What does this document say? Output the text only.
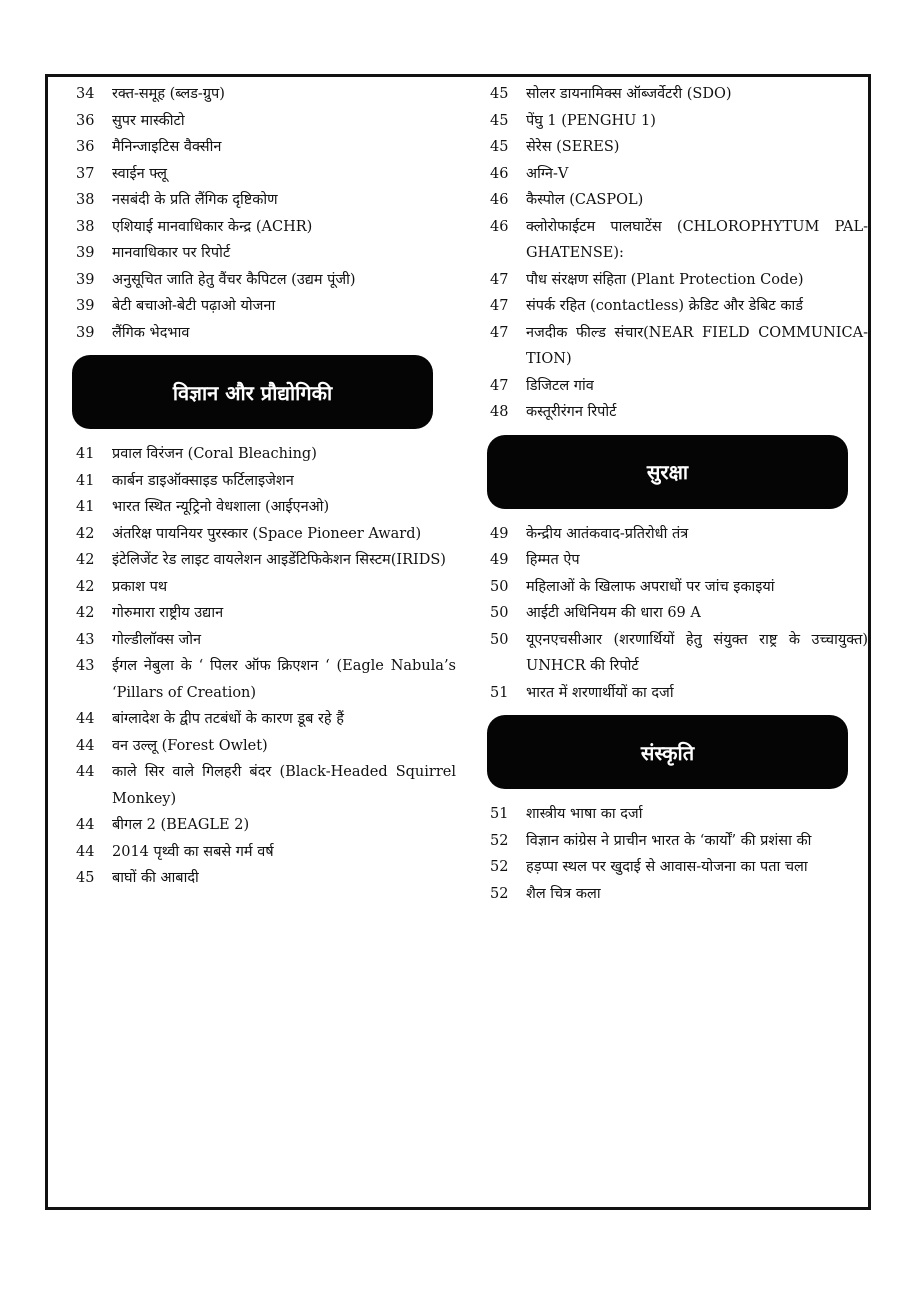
34	रक्त-समूह (ब्लड-ग्रुप)
36	सुपर मास्कीटो
36	मैनिन्जाइटिस वैक्सीन
37	स्वाईन फ्लू
38	नसबंदी के प्रति लैंगिक दृष्टिकोण
38	एशियाई मानवाधिकार केन्द्र (ACHR)
39	मानवाधिकार पर रिपोर्ट
39	अनुसूचित जाति हेतु वैंचर कैपिटल (उद्यम पूंजी)
39	बेटी बचाओ-बेटी पढ़ाओ योजना
39	लैंगिक भेदभाव
विज्ञान और प्रौद्योगिकी
41	प्रवाल विरंजन (Coral Bleaching)
41	कार्बन डाइऑक्साइड फर्टिलाइजेशन
41	भारत स्थित न्यूट्रिनो वेधशाला (आईएनओ)
42	अंतरिक्ष पायनियर पुरस्कार (Space Pioneer Award)
42	इंटेलिजेंट रेड लाइट वायलेशन आइडेंटिफिकेशन सिस्टम(IRIDS)
42	प्रकाश पथ
42	गोरुमारा राष्ट्रीय उद्यान
43	गोल्डीलॉक्स जोन
43	ईगल नेबुला के ‘ पिलर ऑफ क्रिएशन ‘ (Eagle Nabula’s ‘Pillars of Creation)
44	बांग्लादेश के द्वीप तटबंधों के कारण डूब रहे हैं
44	वन उल्लू (Forest Owlet)
44	काले सिर वाले गिलहरी बंदर (Black-Headed Squirrel Monkey)
44	बीगल 2 (BEAGLE 2)
44	2014 पृथ्वी का सबसे गर्म वर्ष
45	बाघों की आबादी
45	सोलर डायनामिक्स ऑब्जर्वेटरी (SDO)
45	पेंघु 1 (PENGHU 1)
45	सेरेस (SERES)
46	अग्नि-V
46	कैस्पोल (CASPOL)
46	क्लोरोफाईटम पालघाटेंस (CHLOROPHYTUM PAL-GHATENSE):
47	पौध संरक्षण संहिता (Plant Protection Code)
47	संपर्क रहित (contactless) क्रेडिट और डेबिट कार्ड
47	नजदीक फील्ड संचार(NEAR FIELD COMMUNICA-TION)
47	डिजिटल गांव
48	कस्तूरीरंगन रिपोर्ट
सुरक्षा
49	केन्द्रीय आतंकवाद-प्रतिरोधी तंत्र
49	हिम्मत ऐप
50	महिलाओं के खिलाफ अपराधों पर जांच इकाइयां
50	आईटी अधिनियम की धारा 69 A
50	यूएनएचसीआर (शरणार्थियों हेतु संयुक्त राष्ट्र के उच्चायुक्त) UNHCR की रिपोर्ट
51	भारत में शरणार्थीयों का दर्जा
संस्कृति
51	शास्त्रीय भाषा का दर्जा
52	विज्ञान कांग्रेस ने प्राचीन भारत के ‘कार्यों’ की प्रशंसा की
52	हड़प्पा स्थल पर खुदाई से आवास-योजना का पता चला
52	शैल चित्र कला
